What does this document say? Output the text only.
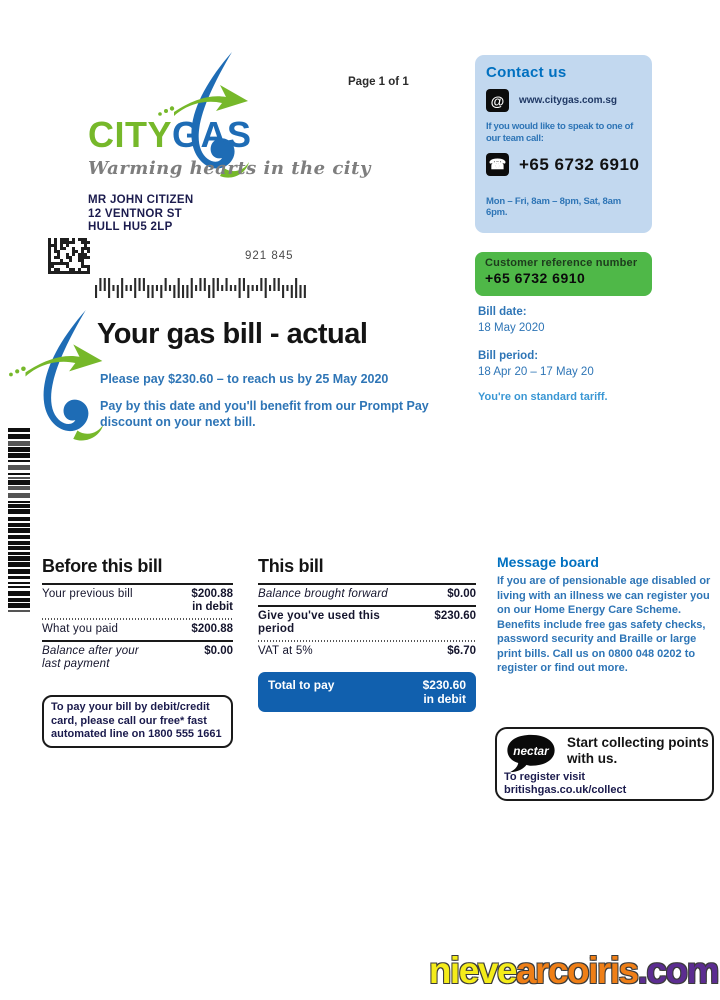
CITYGAS
Warming hearts in the city
Page 1 of 1
MR JOHN CITIZEN
12 VENTNOR ST
HULL HU5 2LP
921 845
Contact us
@	www.citygas.com.sg
If you would like to speak to one of our team call:
☎ +65 6732 6910
Mon – Fri, 8am – 8pm, Sat, 8am 6pm.
Customer reference number
+65 6732 6910
Bill date:
18 May 2020
Bill period:
18 Apr 20 – 17 May 20
You're on standard tariff.
Your gas bill - actual
Please pay $230.60 – to reach us by 25 May 2020
Pay by this date and you'll benefit from our Prompt Pay discount on your next bill.
Before this bill
Your previous bill	$200.88
in debit
What you paid	$200.88
Balance after your last payment
$0.00
To pay your bill by debit/credit card, please call our free* fast automated line on 1800 555 1661
This bill
Balance brought forward	$0.00
Give you've used this period
$230.60
VAT at 5%	$6.70
Total to pay	$230.60
in debit
Message board
If you are of pensionable age disabled or living with an illness we can register you on our Home Energy Care Scheme. Benefits include free gas safety checks, password security and Braille or large print bills. Call us on 0800 048 0202 to register or find out more.
nectar
Start collecting points with us.
To register visit
britishgas.co.uk/collect
nievearcoiris.com
